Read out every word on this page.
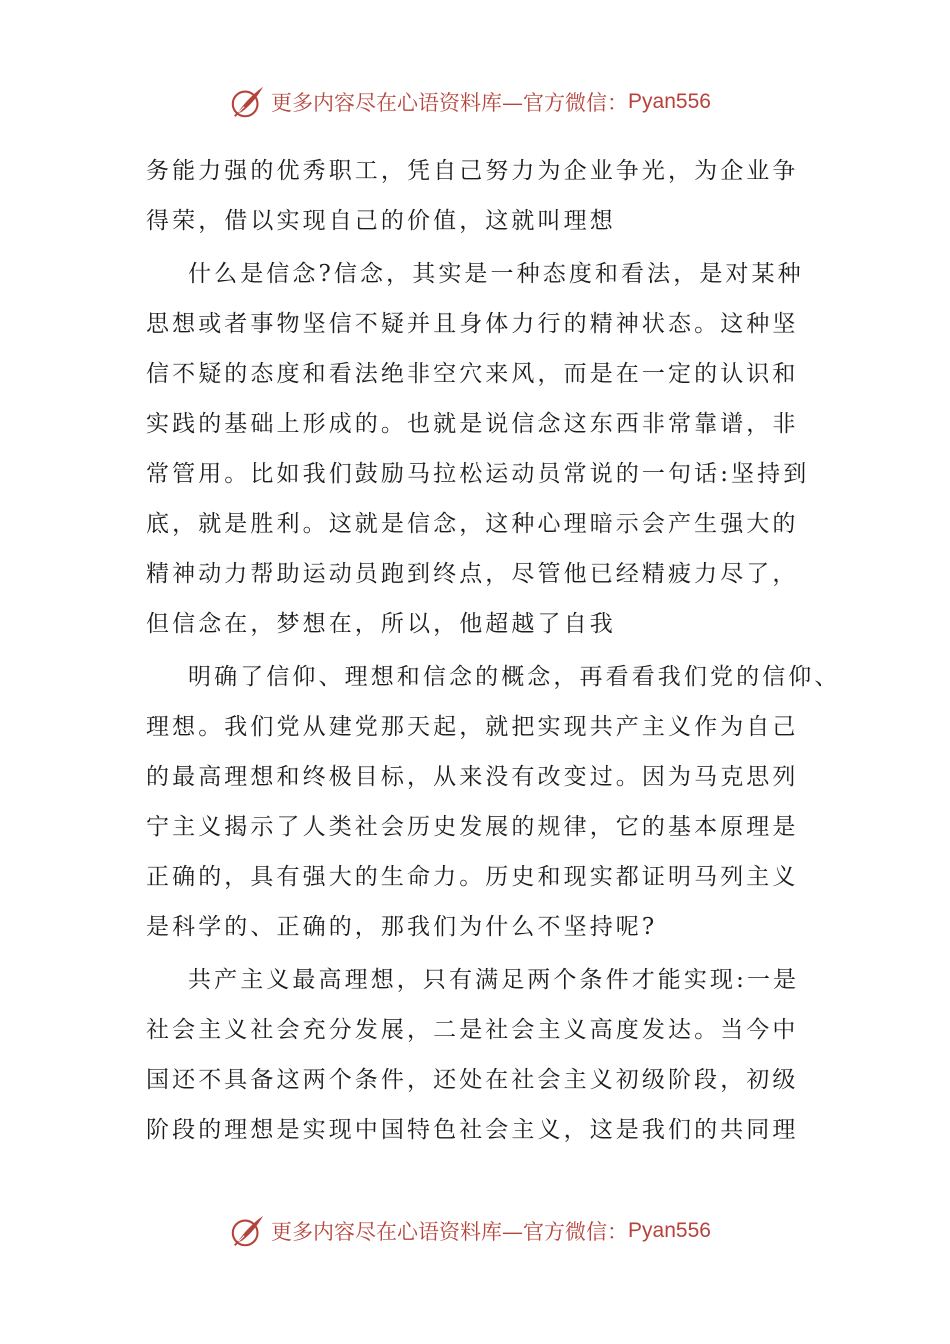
更多内容尽在心语资料库—官方微信： Pyan556

务能力强的优秀职工，凭自己努力为企业争光，为企业争

得荣，借以实现自己的价值，这就叫理想

什么是信念?信念，其实是一种态度和看法，是对某种

思想或者事物坚信不疑并且身体力行的精神状态。这种坚

信不疑的态度和看法绝非空穴来风，而是在一定的认识和

实践的基础上形成的。也就是说信念这东西非常靠谱，非

常管用。比如我们鼓励马拉松运动员常说的一句话:坚持到

底，就是胜利。这就是信念，这种心理暗示会产生强大的

精神动力帮助运动员跑到终点，尽管他已经精疲力尽了，

但信念在，梦想在，所以，他超越了自我

明确了信仰、理想和信念的概念，再看看我们党的信仰、

理想。我们党从建党那天起，就把实现共产主义作为自己

的最高理想和终极目标，从来没有改变过。因为马克思列

宁主义揭示了人类社会历史发展的规律，它的基本原理是

正确的，具有强大的生命力。历史和现实都证明马列主义

是科学的、正确的，那我们为什么不坚持呢?

共产主义最高理想，只有满足两个条件才能实现:一是

社会主义社会充分发展，二是社会主义高度发达。当今中

国还不具备这两个条件，还处在社会主义初级阶段，初级

阶段的理想是实现中国特色社会主义，这是我们的共同理

更多内容尽在心语资料库—官方微信： Pyan556
